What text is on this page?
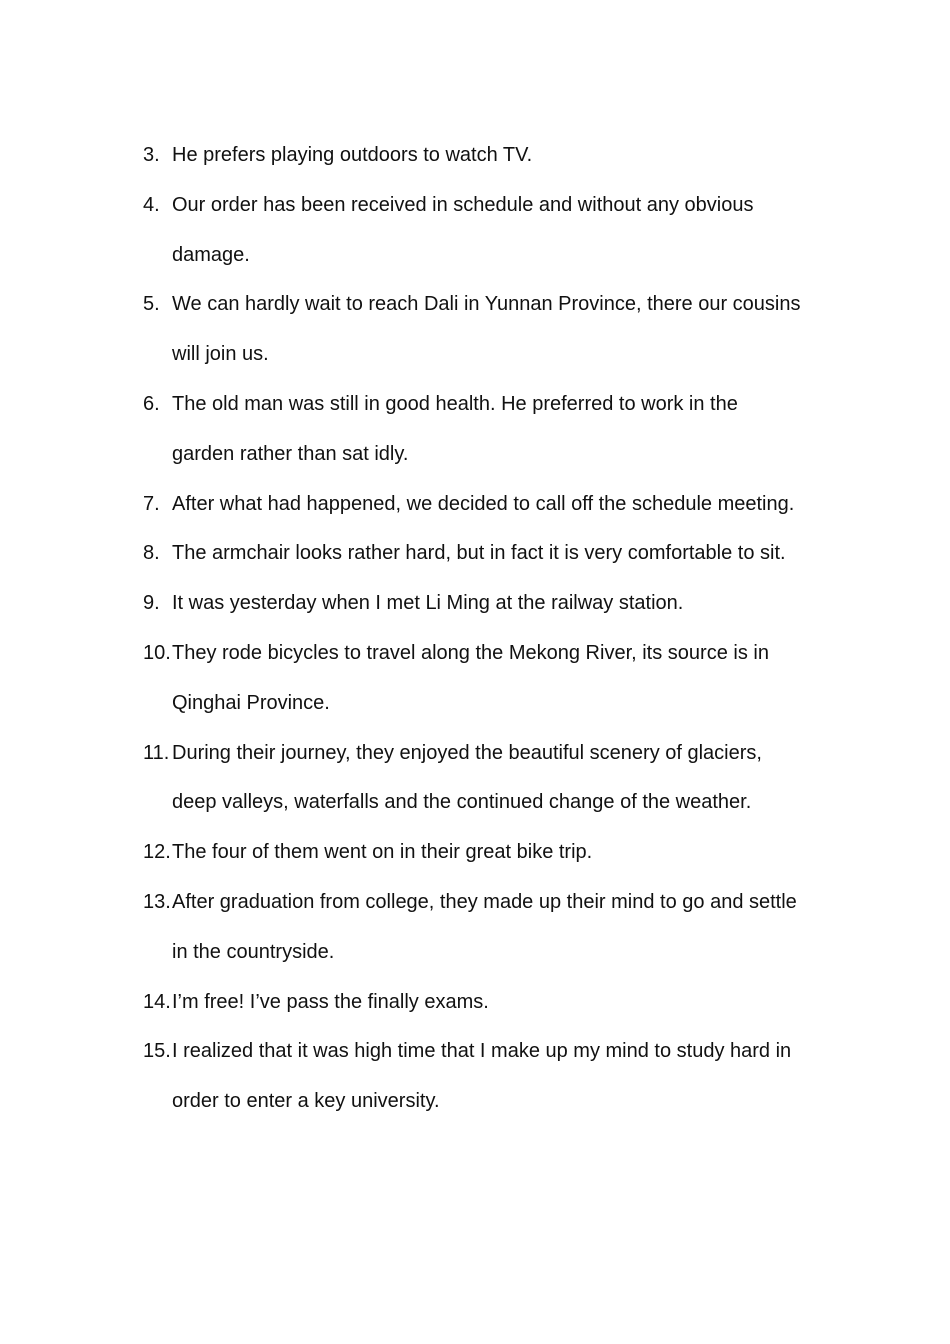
3. He prefers playing outdoors to watch TV.
4. Our order has been received in schedule and without any obvious damage.
5. We can hardly wait to reach Dali in Yunnan Province, there our cousins will join us.
6. The old man was still in good health. He preferred to work in the garden rather than sat idly.
7. After what had happened, we decided to call off the schedule meeting.
8. The armchair looks rather hard, but in fact it is very comfortable to sit.
9. It was yesterday when I met Li Ming at the railway station.
10. They rode bicycles to travel along the Mekong River, its source is in Qinghai Province.
11. During their journey, they enjoyed the beautiful scenery of glaciers, deep valleys, waterfalls and the continued change of the weather.
12. The four of them went on in their great bike trip.
13. After graduation from college, they made up their mind to go and settle in the countryside.
14. I’m free! I’ve pass the finally exams.
15. I realized that it was high time that I make up my mind to study hard in order to enter a key university.
